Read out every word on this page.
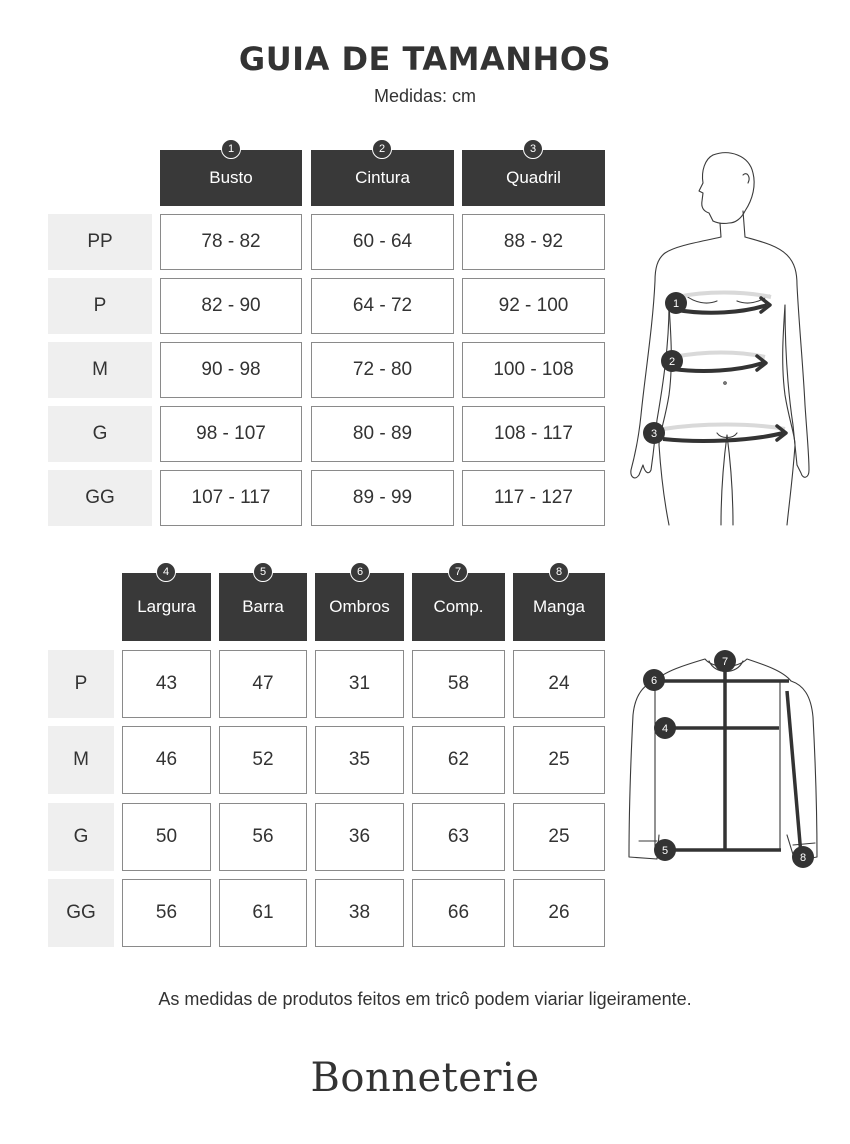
GUIA DE TAMANHOS
Medidas: cm
Busto	Cintura	Quadril
1	2	3
PP	78 - 82	60 - 64	88 - 92
P	82 - 90	64 - 72	92 - 100
M	90 - 98	72 - 80	100 - 108
G	98 - 107	80 - 89	108 - 117
GG	107 - 117	89 - 99	117 - 127
1
2
3
Largura	Barra	Ombros	Comp.	Manga
4	5	6	7	8
P	43	47	31	58	24
M	46	52	35	62	25
G	50	56	36	63	25
GG	56	61	38	66	26
6
7
4
5
8
As medidas de produtos feitos em tricô podem viariar ligeiramente.
Bonneterie
